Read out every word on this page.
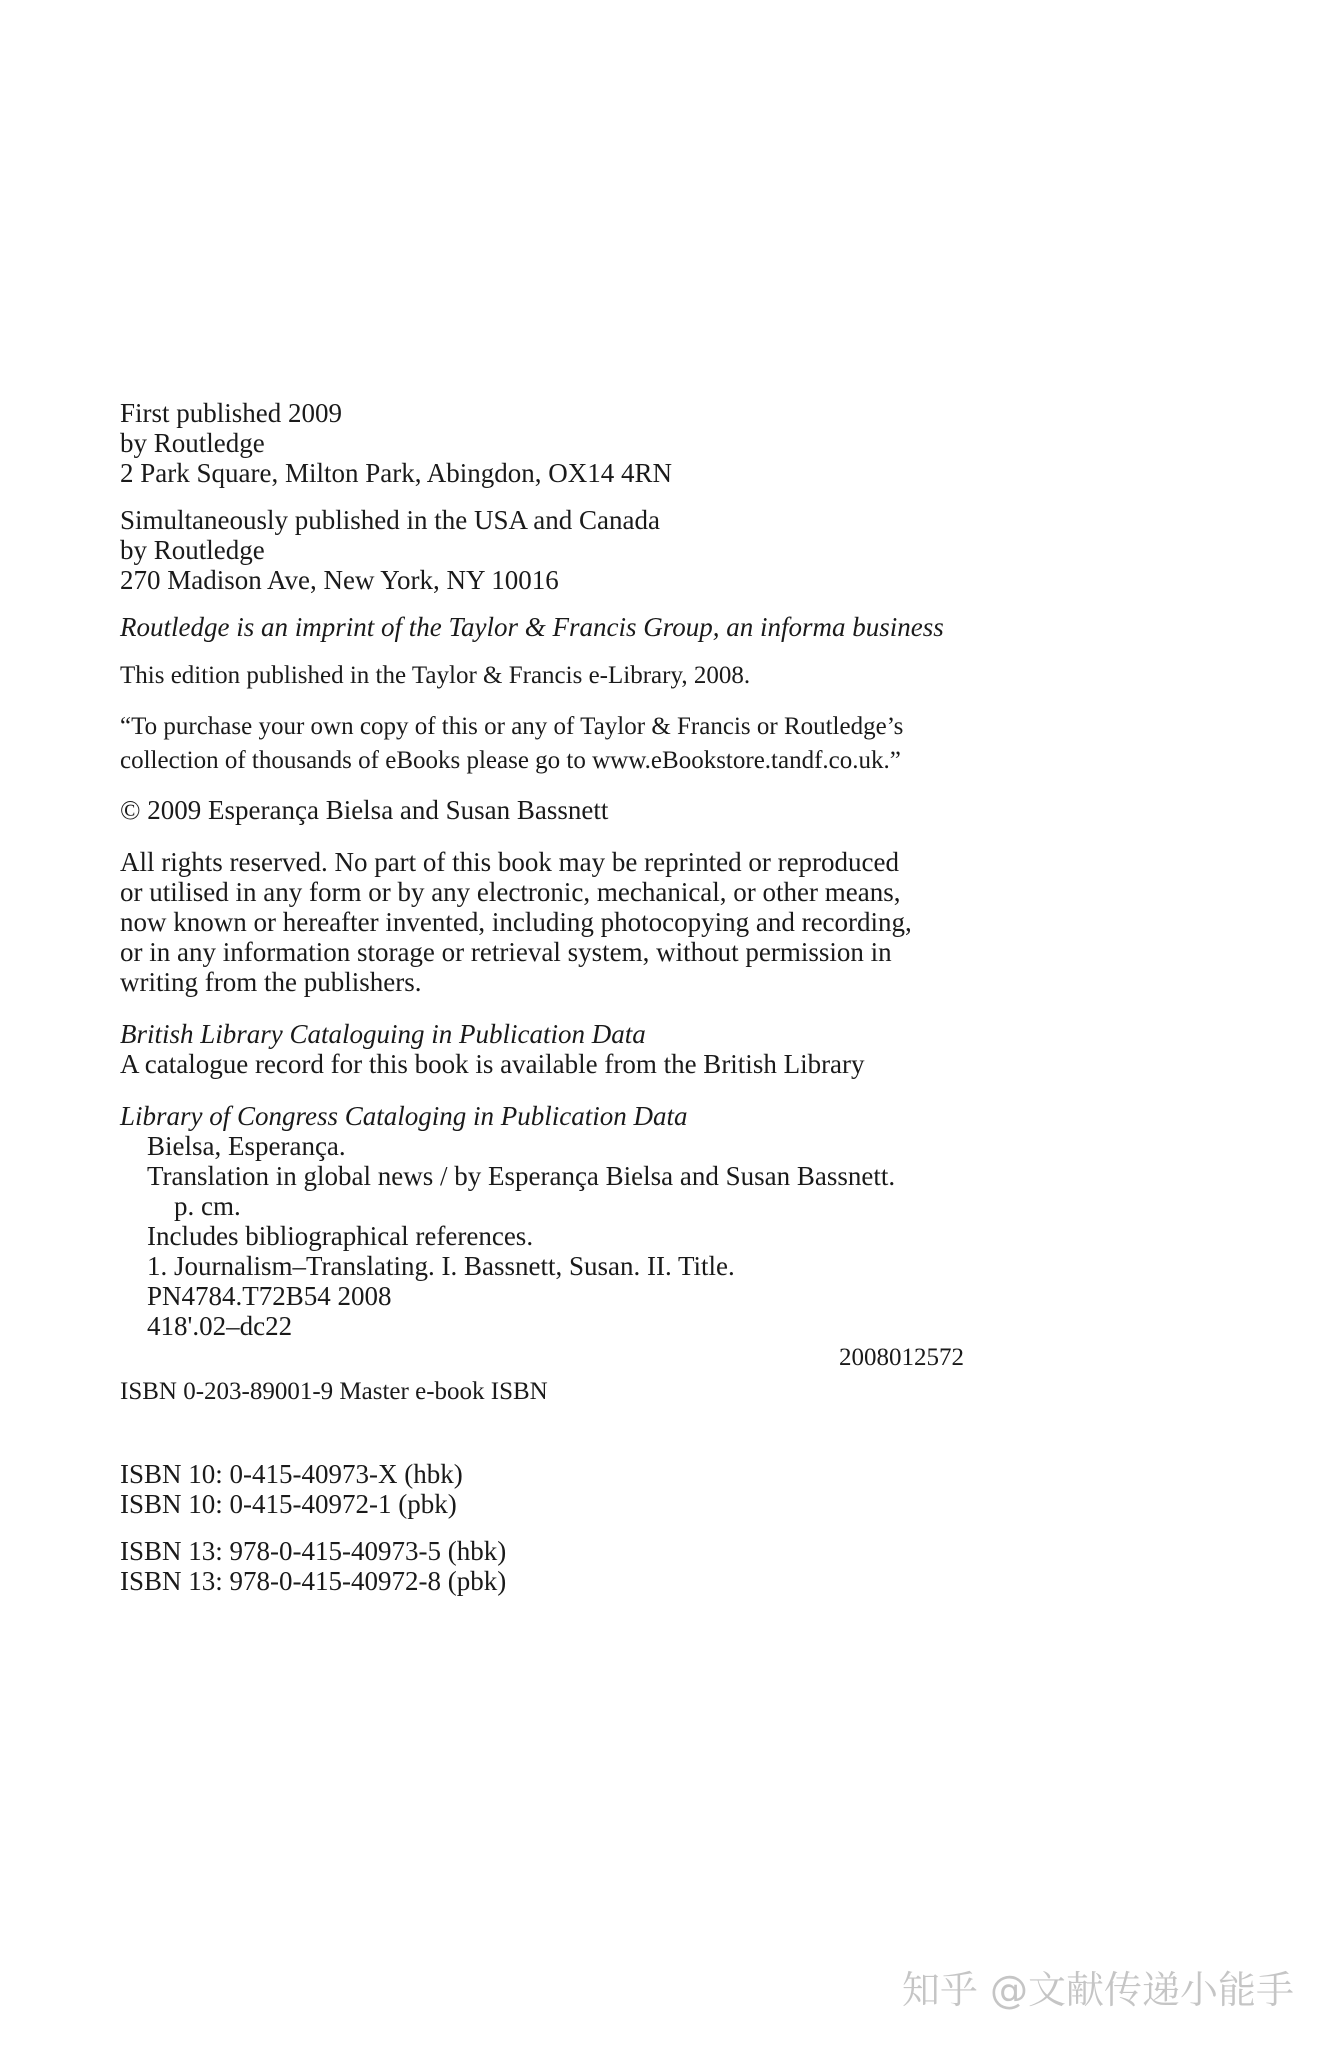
First published 2009
by Routledge
2 Park Square, Milton Park, Abingdon, OX14 4RN
Simultaneously published in the USA and Canada
by Routledge
270 Madison Ave, New York, NY 10016
Routledge is an imprint of the Taylor & Francis Group, an informa business
This edition published in the Taylor & Francis e-Library, 2008.
“To purchase your own copy of this or any of Taylor & Francis or Routledge’s
collection of thousands of eBooks please go to www.eBookstore.tandf.co.uk.”
© 2009 Esperança Bielsa and Susan Bassnett
All rights reserved. No part of this book may be reprinted or reproduced
or utilised in any form or by any electronic, mechanical, or other means,
now known or hereafter invented, including photocopying and recording,
or in any information storage or retrieval system, without permission in
writing from the publishers.
British Library Cataloguing in Publication Data
A catalogue record for this book is available from the British Library
Library of Congress Cataloging in Publication Data
Bielsa, Esperança.
Translation in global news / by Esperança Bielsa and Susan Bassnett.
p. cm.
Includes bibliographical references.
1. Journalism–Translating. I. Bassnett, Susan. II. Title.
PN4784.T72B54 2008
418'.02–dc22
2008012572
ISBN 0-203-89001-9 Master e-book ISBN
ISBN 10: 0-415-40973-X (hbk)
ISBN 10: 0-415-40972-1 (pbk)
ISBN 13: 978-0-415-40973-5 (hbk)
ISBN 13: 978-0-415-40972-8 (pbk)
知乎 @文献传递小能手
